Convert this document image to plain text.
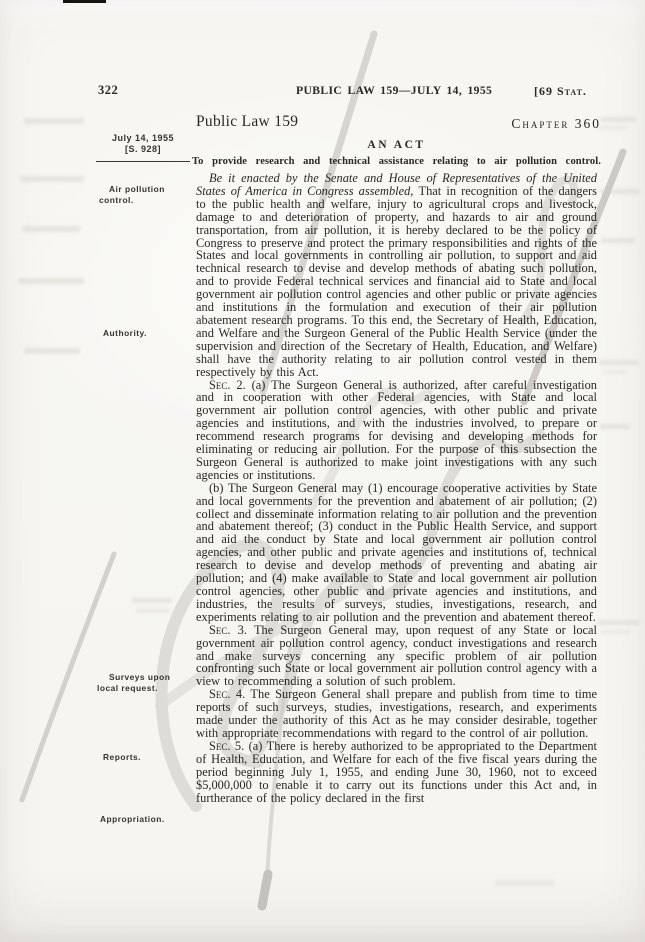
322	PUBLIC LAW 159—JULY 14, 1955	[69 Stat.
Public Law 159	Chapter 360
AN ACT
To provide research and technical assistance relating to air pollution control.
July 14, 1955
[S. 928]
Air pollution control.
Authority.
Surveys upon local request.
Reports.
Appropriation.

Be it enacted by the Senate and House of Representatives of the United States of America in Congress assembled, That in recognition of the dangers to the public health and welfare, injury to agricultural crops and livestock, damage to and deterioration of property, and hazards to air and ground transportation, from air pollution, it is hereby declared to be the policy of Congress to preserve and protect the primary responsibilities and rights of the States and local governments in controlling air pollution, to support and aid technical research to devise and develop methods of abating such pollution, and to provide Federal technical services and financial aid to State and local government air pollution control agencies and other public or private agencies and institutions in the formulation and execution of their air pollution abatement research programs. To this end, the Secretary of Health, Education, and Welfare and the Surgeon General of the Public Health Service (under the supervision and direction of the Secretary of Health, Education, and Welfare) shall have the authority relating to air pollution control vested in them respectively by this Act.

Sec. 2. (a) The Surgeon General is authorized, after careful investigation and in cooperation with other Federal agencies, with State and local government air pollution control agencies, with other public and private agencies and institutions, and with the industries involved, to prepare or recommend research programs for devising and developing methods for eliminating or reducing air pollution. For the purpose of this subsection the Surgeon General is authorized to make joint investigations with any such agencies or institutions.

(b) The Surgeon General may (1) encourage cooperative activities by State and local governments for the prevention and abatement of air pollution; (2) collect and disseminate information relating to air pollution and the prevention and abatement thereof; (3) conduct in the Public Health Service, and support and aid the conduct by State and local government air pollution control agencies, and other public and private agencies and institutions of, technical research to devise and develop methods of preventing and abating air pollution; and (4) make available to State and local government air pollution control agencies, other public and private agencies and institutions, and industries, the results of surveys, studies, investigations, research, and experiments relating to air pollution and the prevention and abatement thereof.

Sec. 3. The Surgeon General may, upon request of any State or local government air pollution control agency, conduct investigations and research and make surveys concerning any specific problem of air pollution confronting such State or local government air pollution control agency with a view to recommending a solution of such problem.

Sec. 4. The Surgeon General shall prepare and publish from time to time reports of such surveys, studies, investigations, research, and experiments made under the authority of this Act as he may consider desirable, together with appropriate recommendations with regard to the control of air pollution.

Sec. 5. (a) There is hereby authorized to be appropriated to the Department of Health, Education, and Welfare for each of the five fiscal years during the period beginning July 1, 1955, and ending June 30, 1960, not to exceed $5,000,000 to enable it to carry out its functions under this Act and, in furtherance of the policy declared in the first
